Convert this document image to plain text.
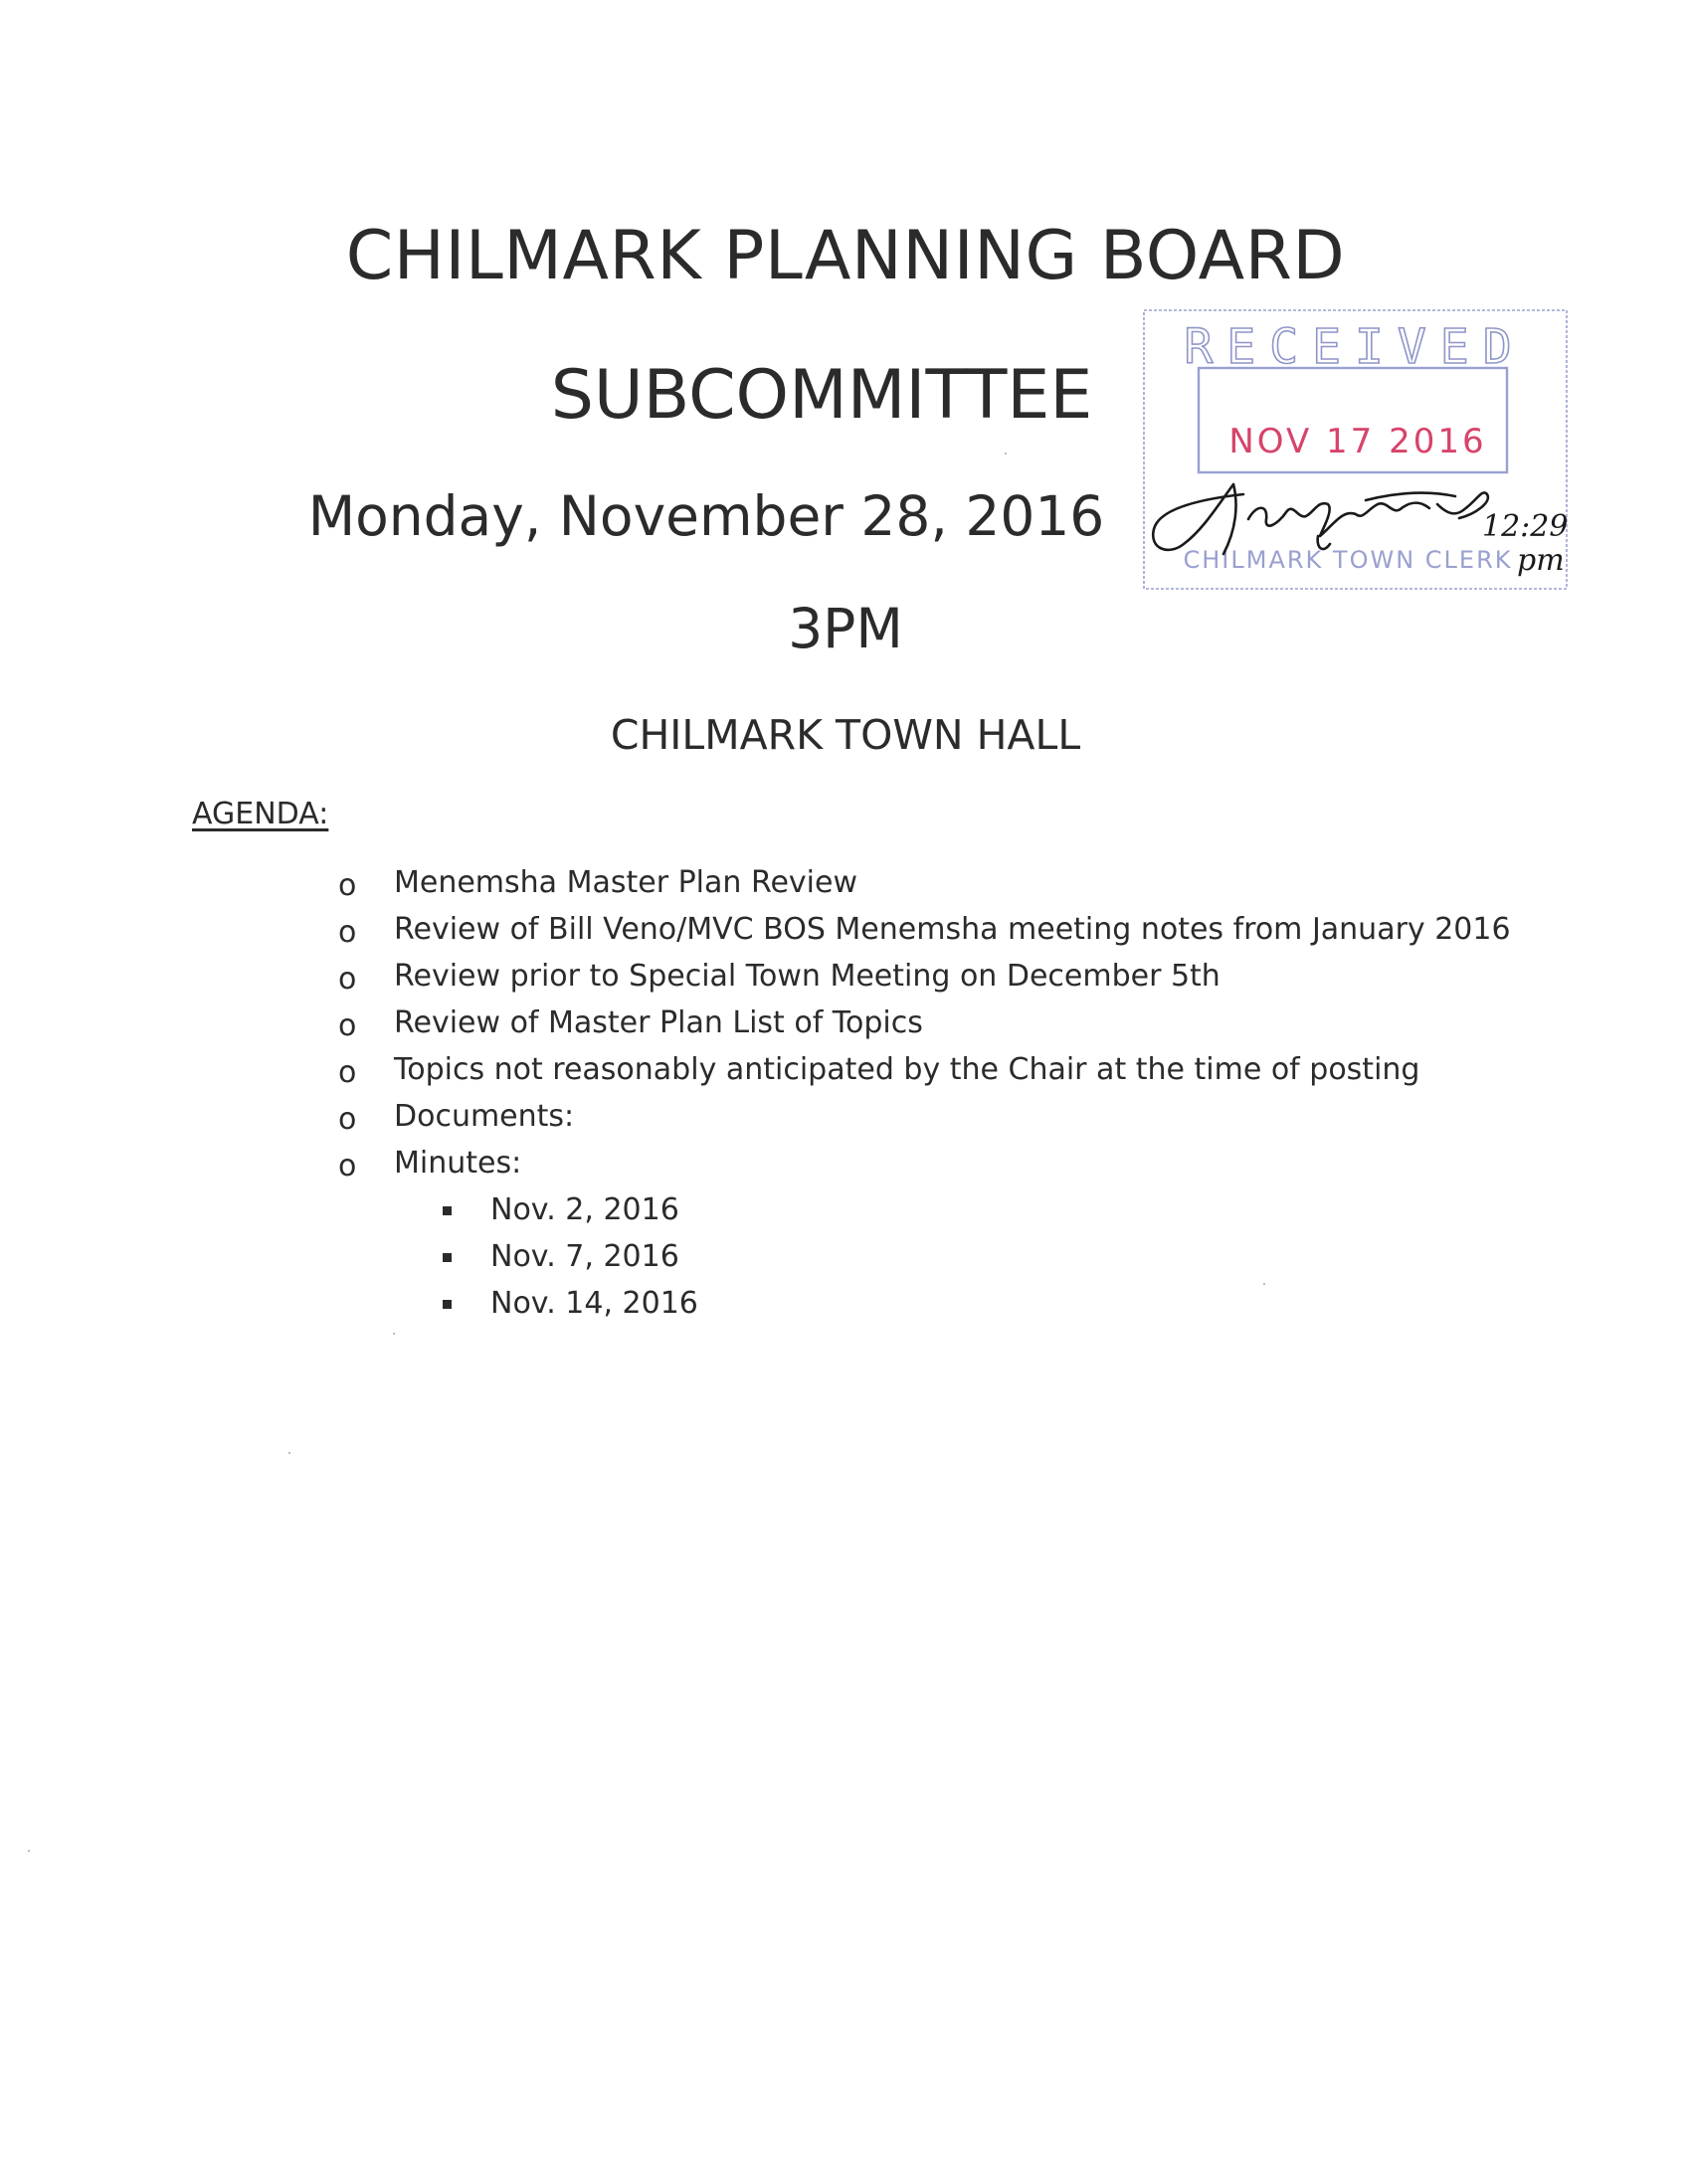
CHILMARK PLANNING BOARD
SUBCOMMITTEE
Monday, November 28, 2016
3PM
CHILMARK TOWN HALL
RECEIVED
NOV 17 2016
CHILMARK TOWN CLERK
12:29
pm
AGENDA:
o Menemsha Master Plan Review
o Review of Bill Veno/MVC BOS Menemsha meeting notes from January 2016
o Review prior to Special Town Meeting on December 5th
o Review of Master Plan List of Topics
o Topics not reasonably anticipated by the Chair at the time of posting
o Documents:
o Minutes:
Nov. 2, 2016
Nov. 7, 2016
Nov. 14, 2016
